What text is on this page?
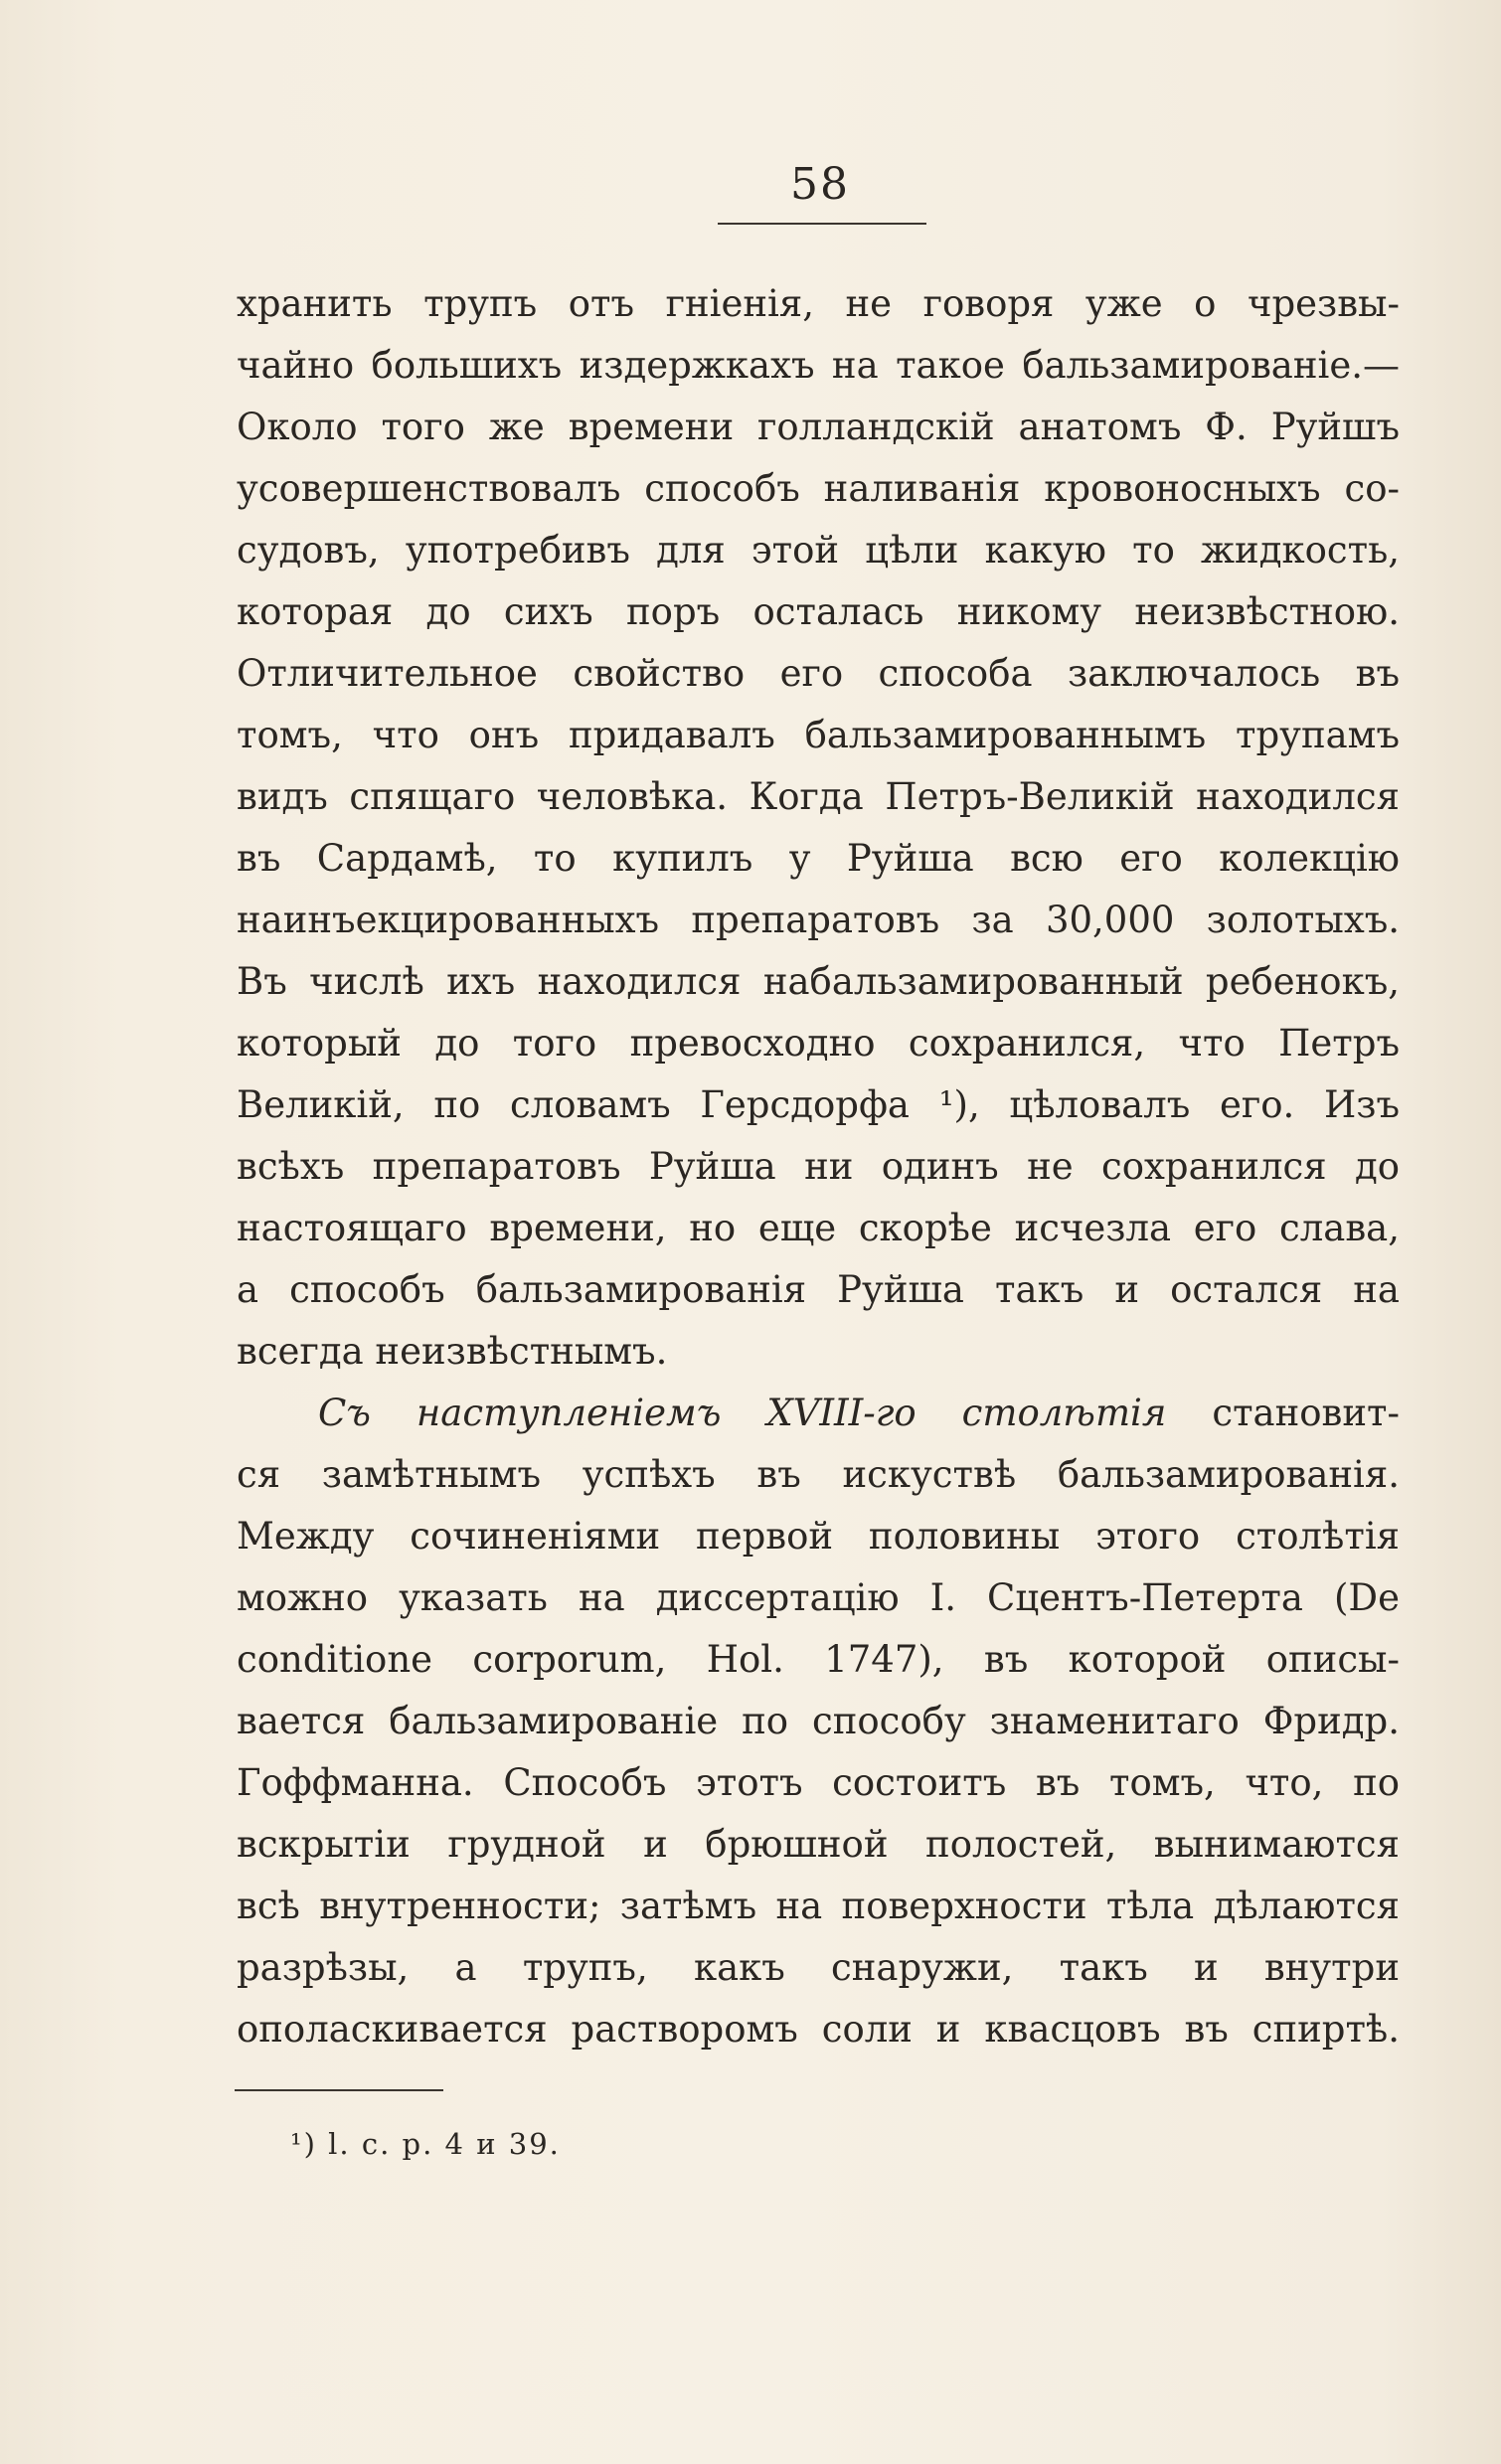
58
хранить трупъ отъ гніенія, не говоря уже о чрезвы-
чайно большихъ издержкахъ на такое бальзамированіе.—
Около того же времени голландскій анатомъ Ф. Руйшъ
усовершенствовалъ способъ наливанія кровоносныхъ со-
судовъ, употребивъ для этой цѣли какую то жидкость,
которая до сихъ поръ осталась никому неизвѣстною.
Отличительное свойство его способа заключалось въ
томъ, что онъ придавалъ бальзамированнымъ трупамъ
видъ спящаго человѣка. Когда Петръ-Великій находился
въ Сардамѣ, то купилъ у Руйша всю его колекцію
наинъекцированныхъ препаратовъ за 30,000 золотыхъ.
Въ числѣ ихъ находился набальзамированный ребенокъ,
который до того превосходно сохранился, что Петръ
Великій, по словамъ Герсдорфа ¹), цѣловалъ его. Изъ
всѣхъ препаратовъ Руйша ни одинъ не сохранился до
настоящаго времени, но еще скорѣе исчезла его слава,
а способъ бальзамированія Руйша такъ и остался на
всегда неизвѣстнымъ.
Съ наступленіемъ XVIII-го столѣтія становит-
ся замѣтнымъ успѣхъ въ искуствѣ бальзамированія.
Между сочиненіями первой половины этого столѣтія
можно указать на диссертацію I. Сцентъ-Петерта (De
conditione corporum, Hol. 1747), въ которой описы-
вается бальзамированіе по способу знаменитаго Фридр.
Гоффманна. Способъ этотъ состоитъ въ томъ, что, по
вскрытіи грудной и брюшной полостей, вынимаются
всѣ внутренности; затѣмъ на поверхности тѣла дѣлаются
разрѣзы, а трупъ, какъ снаружи, такъ и внутри
ополаскивается растворомъ соли и квасцовъ въ спиртѣ.
¹) l. c. p. 4 и 39.
